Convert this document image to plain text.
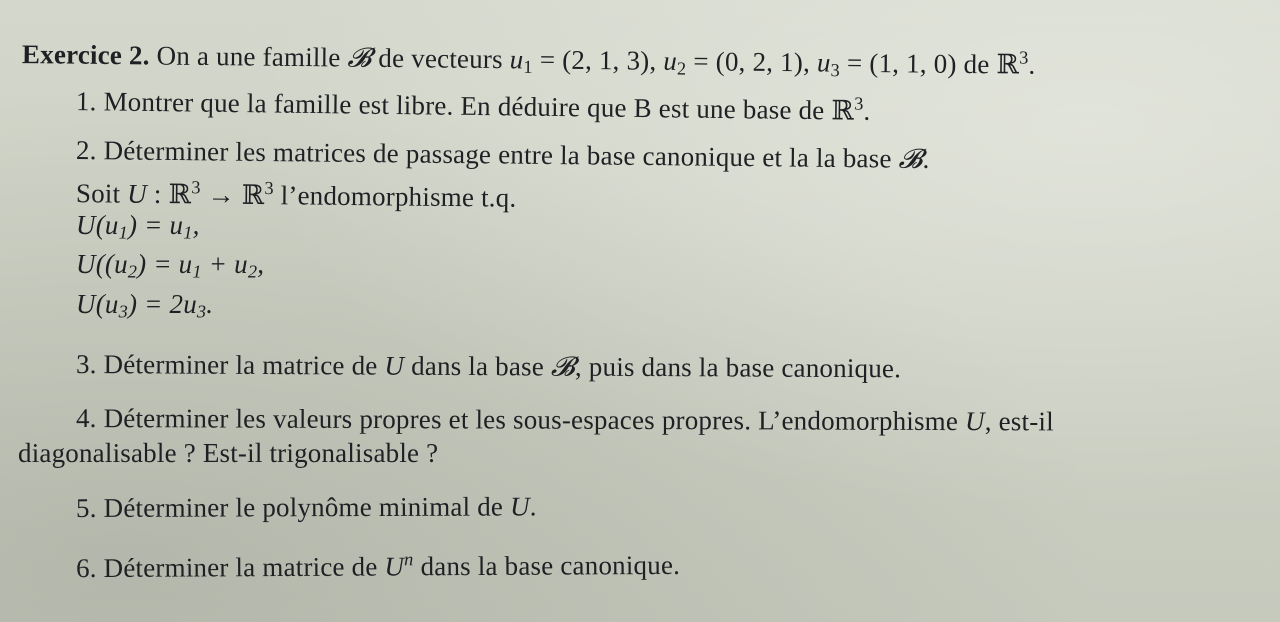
Exercice 2. On a une famille 𝓑 de vecteurs u1 = (2, 1, 3), u2 = (0, 2, 1), u3 = (1, 1, 0) de ℝ$^3$.
1. Montrer que la famille est libre. En déduire que B est une base de ℝ$^3$.
2. Déterminer les matrices de passage entre la base canonique et la la base 𝓑.
Soit U : ℝ$^3$ → ℝ$^3$ l’endomorphisme t.q.
U(u1) = u1,
U((u2) = u1 + u2,
U(u3) = 2u3.
3. Déterminer la matrice de U dans la base 𝓑, puis dans la base canonique.
4. Déterminer les valeurs propres et les sous-espaces propres. L’endomorphisme U, est-il
diagonalisable ? Est-il trigonalisable ?
5. Déterminer le polynôme minimal de U.
6. Déterminer la matrice de $U^n$ dans la base canonique.
